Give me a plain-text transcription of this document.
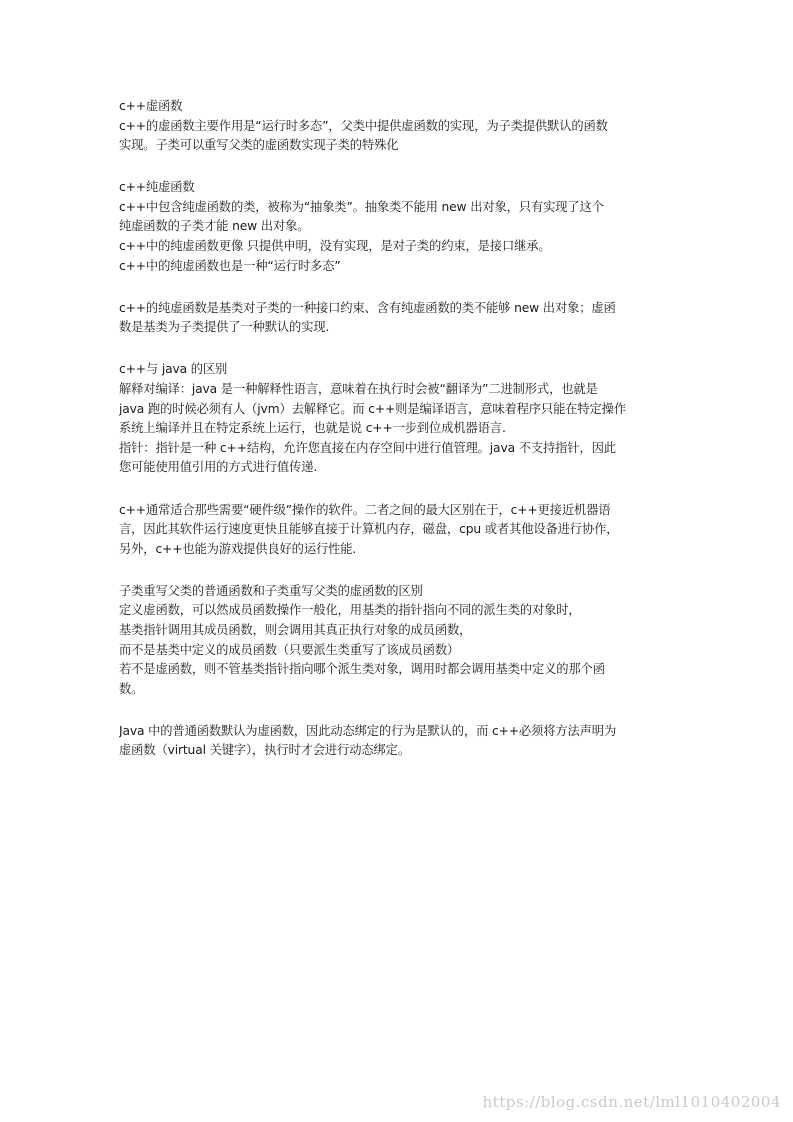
​
c++虚函数
c++的虚函数主要作用是“运行时多态”，父类中提供虚函数的实现，为子类提供默认的函数
实现。子类可以重写父类的虚函数实现子类的特殊化
c++纯虚函数
c++中包含纯虚函数的类，被称为“抽象类”。抽象类不能用 new 出对象，只有实现了这个
纯虚函数的子类才能 new 出对象。
c++中的纯虚函数更像 只提供申明，没有实现，是对子类的约束，是接口继承。
c++中的纯虚函数也是一种“运行时多态”
c++的纯虚函数是基类对子类的一种接口约束、含有纯虚函数的类不能够 new 出对象；虚函
数是基类为子类提供了一种默认的实现.
c++与 java 的区别
解释对编译：java 是一种解释性语言，意味着在执行时会被“翻译为”二进制形式，也就是
java 跑的时候必须有人（jvm）去解释它。而 c++则是编译语言，意味着程序只能在特定操作
系统上编译并且在特定系统上运行，也就是说 c++一步到位成机器语言.
指针：指针是一种 c++结构，允许您直接在内存空间中进行值管理。java 不支持指针，因此
您可能使用值引用的方式进行值传递.
c++通常适合那些需要“硬件级”操作的软件。二者之间的最大区别在于，c++更接近机器语
言，因此其软件运行速度更快且能够直接于计算机内存，磁盘，cpu 或者其他设备进行协作，
另外，c++也能为游戏提供良好的运行性能.
子类重写父类的普通函数和子类重写父类的虚函数的区别
定义虚函数，可以然成员函数操作一般化，用基类的指针指向不同的派生类的对象时，
基类指针调用其成员函数，则会调用其真正执行对象的成员函数，
而不是基类中定义的成员函数（只要派生类重写了该成员函数）
若不是虚函数，则不管基类指针指向哪个派生类对象，调用时都会调用基类中定义的那个函
数。
Java 中的普通函数默认为虚函数，因此动态绑定的行为是默认的，而 c++必须将方法声明为
虚函数（virtual 关键字），执行时才会进行动态绑定。
https://blog.csdn.net/lml1010402004
